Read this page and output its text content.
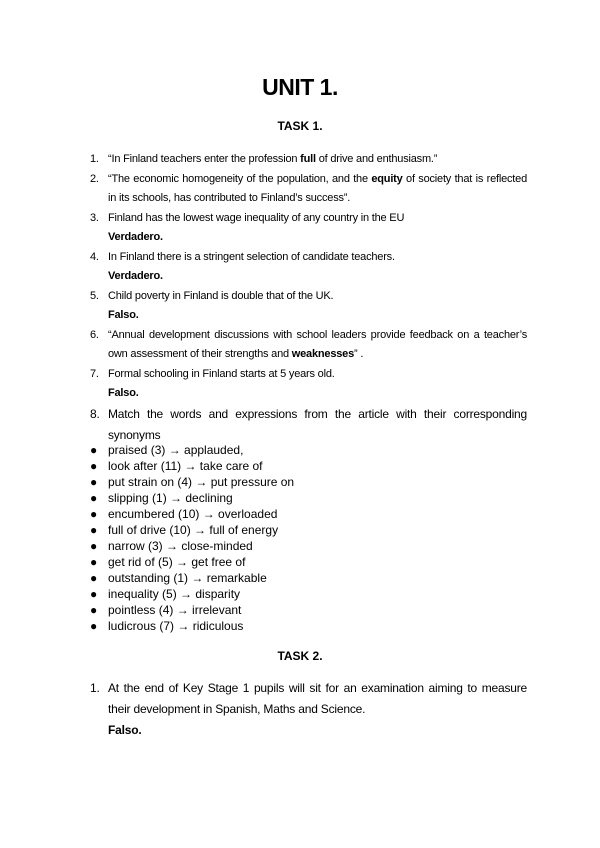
UNIT 1.
TASK 1.
1. “In Finland teachers enter the profession full of drive and enthusiasm.”
2. “The economic homogeneity of the population, and the equity of society that is reflected in its schools, has contributed to Finland’s success”.
3. Finland has the lowest wage inequality of any country in the EU
Verdadero.
4. In Finland there is a stringent selection of candidate teachers.
Verdadero.
5. Child poverty in Finland is double that of the UK.
Falso.
6. “Annual development discussions with school leaders provide feedback on a teacher’s own assessment of their strengths and weaknesses” .
7. Formal schooling in Finland starts at 5 years old.
Falso.
8. Match the words and expressions from the article with their corresponding
synonyms
● praised (3) → applauded,
● look after (11) → take care of
● put strain on (4) → put pressure on
● slipping (1) → declining
● encumbered (10) → overloaded
● full of drive (10) → full of energy
● narrow (3) → close-minded
● get rid of (5) → get free of
● outstanding (1) → remarkable
● inequality (5) → disparity
● pointless (4) → irrelevant
● ludicrous (7) → ridiculous
TASK 2.
1. At the end of Key Stage 1 pupils will sit for an examination aiming to measure
their development in Spanish, Maths and Science.
Falso.
